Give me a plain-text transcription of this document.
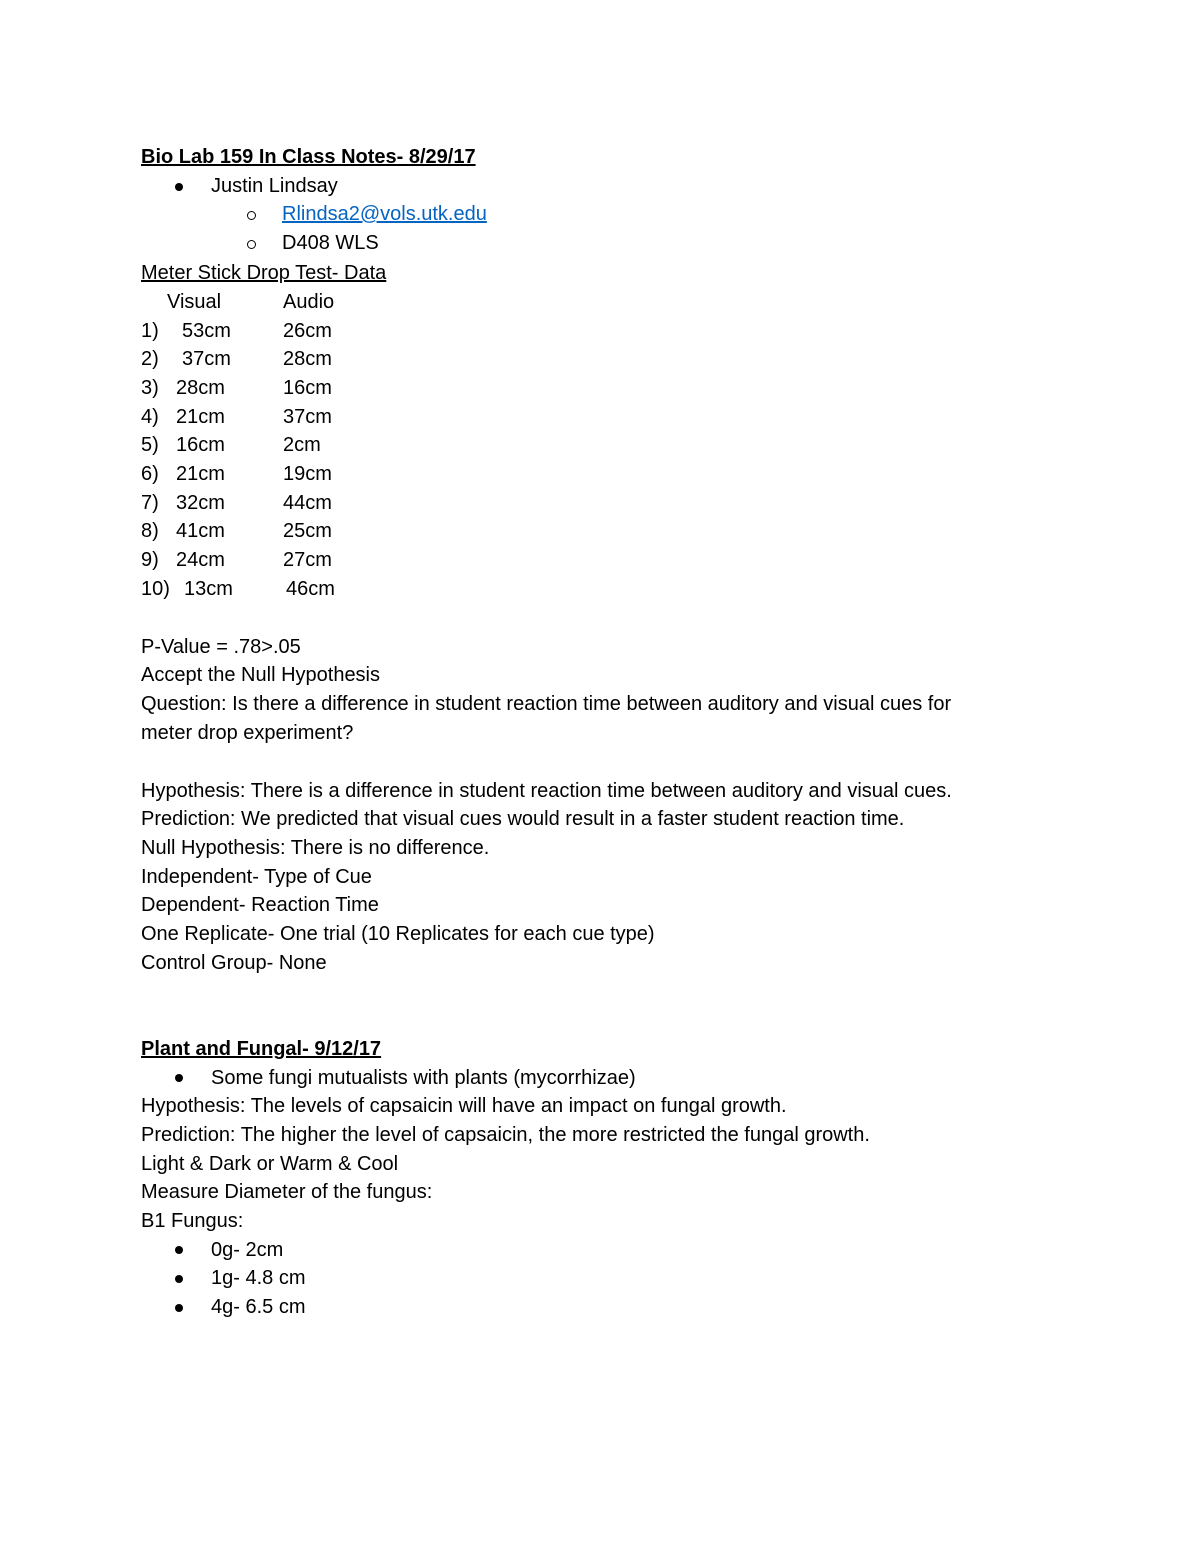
Bio Lab 159 In Class Notes- 8/29/17
Justin Lindsay
Rlindsa2@vols.utk.edu
D408 WLS
Meter Stick Drop Test- Data
Visual	Audio
1) 53cm	26cm
2) 37cm	28cm
3) 28cm	16cm
4) 21cm	37cm
5) 16cm	2cm
6) 21cm	19cm
7) 32cm	44cm
8) 41cm	25cm
9) 24cm	27cm
10) 13cm	46cm
P-Value = .78>.05
Accept the Null Hypothesis
Question: Is there a difference in student reaction time between auditory and visual cues for
meter drop experiment?
Hypothesis: There is a difference in student reaction time between auditory and visual cues.
Prediction: We predicted that visual cues would result in a faster student reaction time.
Null Hypothesis: There is no difference.
Independent- Type of Cue
Dependent- Reaction Time
One Replicate- One trial (10 Replicates for each cue type)
Control Group- None
Plant and Fungal- 9/12/17
Some fungi mutualists with plants (mycorrhizae)
Hypothesis: The levels of capsaicin will have an impact on fungal growth.
Prediction: The higher the level of capsaicin, the more restricted the fungal growth.
Light & Dark or Warm & Cool
Measure Diameter of the fungus:
B1 Fungus:
0g- 2cm
1g- 4.8 cm
4g- 6.5 cm
